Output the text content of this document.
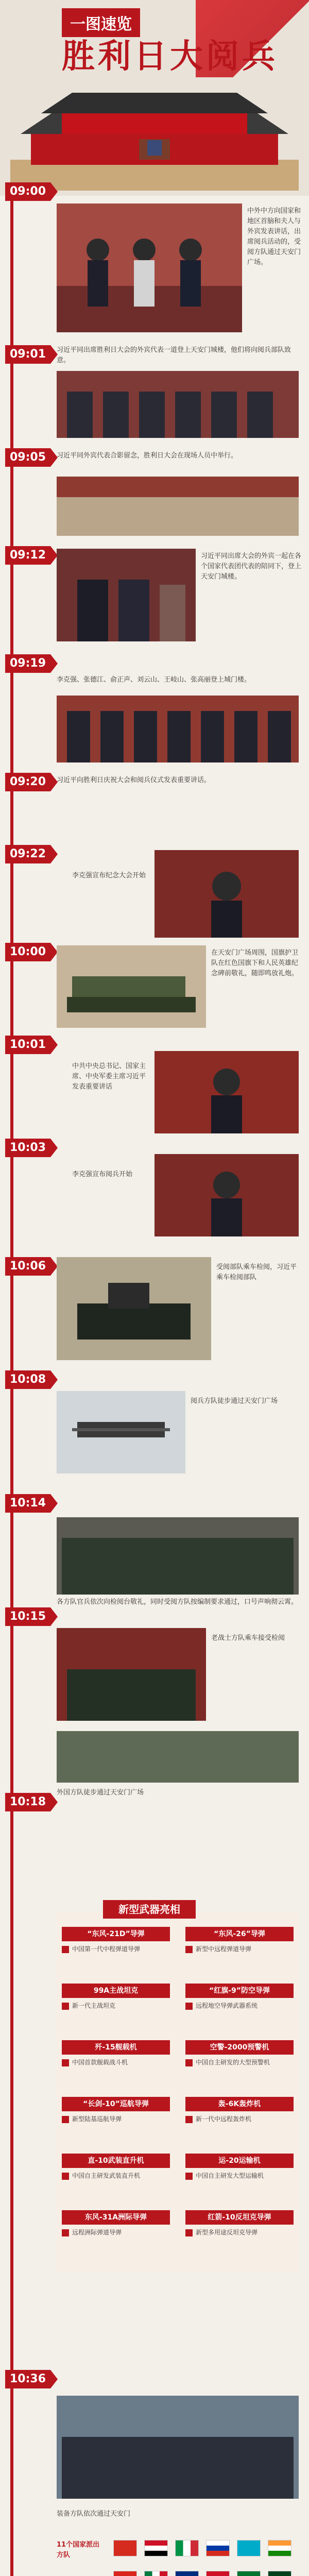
一图速览
胜利日大阅兵
09:00
09:01
09:05
09:12
09:19
09:20
09:22
10:00
10:01
10:03
10:06
10:08
10:14
10:15
10:18
10:36
中外中方向国家和地区首脑和夫人与外宾发表讲话，出席阅兵活动的，受阅方队通过天安门广场。
习近平同出席胜利日大会的外宾代表一道登上天安门城楼，他们将向阅兵部队致意。
习近平同外宾代表合影留念，胜利日大会在现场人员中举行。
习近平同出席大会的外宾一起在各个国家代表团代表的陪同下，登上天安门城楼。
李克强、张德江、俞正声、刘云山、王岐山、张高丽登上城门楼。
习近平向胜利日庆祝大会和阅兵仪式发表重要讲话。
李克强宣布纪念大会开始
在天安门广场周围，国旗护卫队在红色国旗下和人民英雄纪念碑前敬礼，随即鸣放礼炮。
中共中央总书记、国家主席、中央军委主席习近平发表重要讲话
李克强宣布阅兵开始
受阅部队乘车检阅，习近平乘车检阅部队
阅兵方队徒步通过天安门广场
各方队官兵依次向检阅台敬礼，同时受阅方队按编制要求通过，口号声响彻云霄。
老战士方队乘车接受检阅
外国方队徒步通过天安门广场
新型武器亮相
“东风-21D”导弹
中国第一代中程弹道导弹
“东风-26”导弹
新型中远程弹道导弹
99A主战坦克
新一代主战坦克
“红旗-9”防空导弹
远程地空导弹武器系统
歼-15舰载机
中国首款舰载战斗机
空警-2000预警机
中国自主研发的大型预警机
“长剑-10”巡航导弹
新型陆基巡航导弹
轰-6K轰炸机
新一代中远程轰炸机
直-10武装直升机
中国自主研发武装直升机
运-20运输机
中国自主研发大型运输机
东风-31A洲际导弹
远程洲际弹道导弹
红箭-10反坦克导弹
新型多用途反坦克导弹
装备方队依次通过天安门
11个国家派出方队
